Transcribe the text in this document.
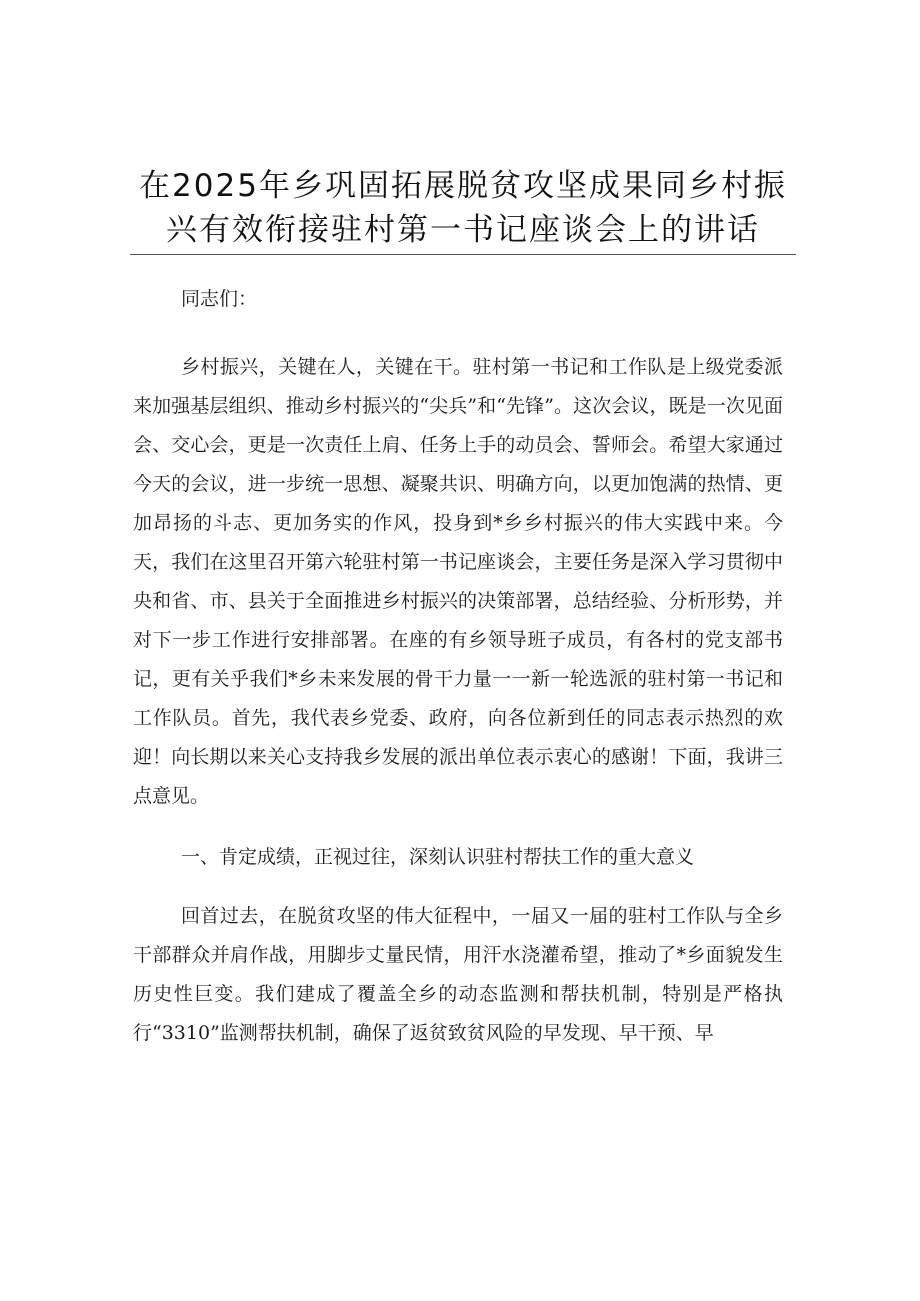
在2025年乡巩固拓展脱贫攻坚成果同乡村振
兴有效衔接驻村第一书记座谈会上的讲话

同志们：

乡村振兴，关键在人，关键在干。驻村第一书记和工作队是上级党委派来加强基层组织、推动乡村振兴的“尖兵”和“先锋”。这次会议，既是一次见面会、交心会，更是一次责任上肩、任务上手的动员会、誓师会。希望大家通过今天的会议，进一步统一思想、凝聚共识、明确方向，以更加饱满的热情、更加昂扬的斗志、更加务实的作风，投身到*乡乡村振兴的伟大实践中来。今天，我们在这里召开第六轮驻村第一书记座谈会，主要任务是深入学习贯彻中央和省、市、县关于全面推进乡村振兴的决策部署，总结经验、分析形势，并对下一步工作进行安排部署。在座的有乡领导班子成员，有各村的党支部书记，更有关乎我们*乡未来发展的骨干力量一一新一轮选派的驻村第一书记和工作队员。首先，我代表乡党委、政府，向各位新到任的同志表示热烈的欢迎！向长期以来关心支持我乡发展的派出单位表示衷心的感谢！下面，我讲三点意见。

一、肯定成绩，正视过往，深刻认识驻村帮扶工作的重大意义

回首过去，在脱贫攻坚的伟大征程中，一届又一届的驻村工作队与全乡干部群众并肩作战，用脚步丈量民情，用汗水浇灌希望，推动了*乡面貌发生历史性巨变。我们建成了覆盖全乡的动态监测和帮扶机制，特别是严格执行“3310”监测帮扶机制，确保了返贫致贫风险的早发现、早干预、早
